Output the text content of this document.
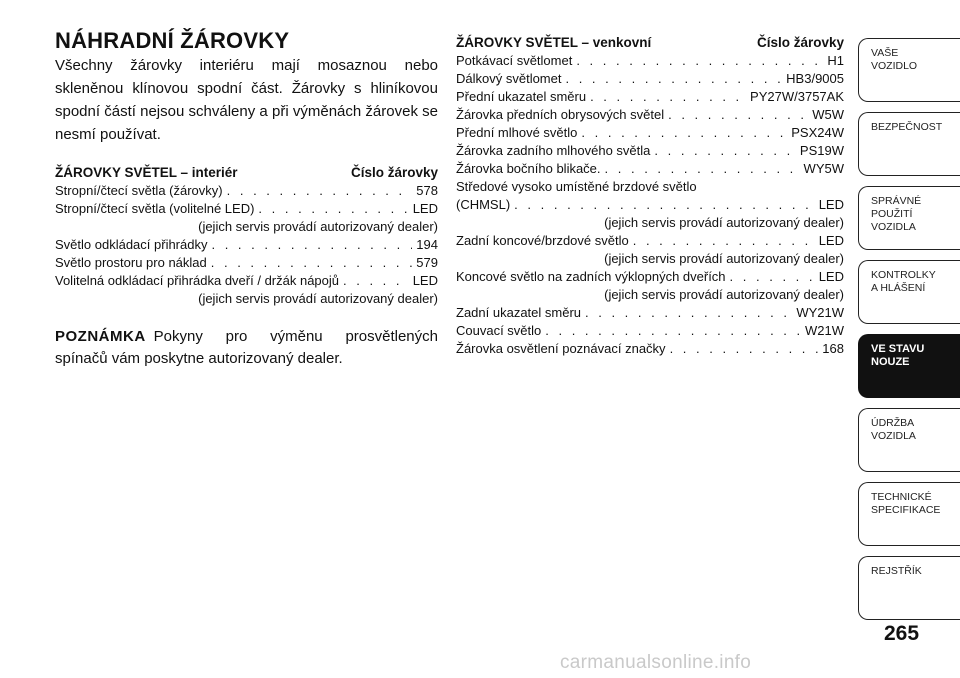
NÁHRADNÍ ŽÁROVKY

Všechny žárovky interiéru mají mosaznou nebo skleněnou klínovou spodní část. Žárovky s hliníkovou spodní částí nejsou schváleny a při výměnách žárovek se nesmí používat.

ŽÁROVKY SVĚTEL – interiér	Číslo žárovky
Stropní/čtecí světla (žárovky) . . .	578
Stropní/čtecí světla (volitelné LED) . . .	LED
(jejich servis provádí autorizovaný dealer)
Světlo odkládací přihrádky . . .	194
Světlo prostoru pro náklad . . .	579
Volitelná odkládací přihrádka dveří / držák nápojů . . .	LED
(jejich servis provádí autorizovaný dealer)
POZNÁMKA Pokyny pro výměnu prosvětlených spínačů vám poskytne autorizovaný dealer.
ŽÁROVKY SVĚTEL – venkovní	Číslo žárovky
Potkávací světlomet . . .	H1
Dálkový světlomet . . .	HB3/9005
Přední ukazatel směru . . .	PY27W/3757AK
Žárovka předních obrysových světel . . .	W5W
Přední mlhové světlo . . .	PSX24W
Žárovka zadního mlhového světla . . .	PS19W
Žárovka bočního blikače. . . .	WY5W
Středové vysoko umístěné brzdové světlo
(CHMSL) . . .	LED
(jejich servis provádí autorizovaný dealer)
Zadní koncové/brzdové světlo . . .	LED
(jejich servis provádí autorizovaný dealer)
Koncové světlo na zadních výklopných dveřích . . .	LED
(jejich servis provádí autorizovaný dealer)
Zadní ukazatel směru . . .	WY21W
Couvací světlo . . .	W21W
Žárovka osvětlení poznávací značky . . .	168
VAŠE
VOZIDLO
BEZPEČNOST
SPRÁVNÉ
POUŽITÍ
VOZIDLA
KONTROLKY
A HLÁŠENÍ
VE STAVU
NOUZE
ÚDRŽBA
VOZIDLA
TECHNICKÉ
SPECIFIKACE
REJSTŘÍK
265
carmanualsonline.info
